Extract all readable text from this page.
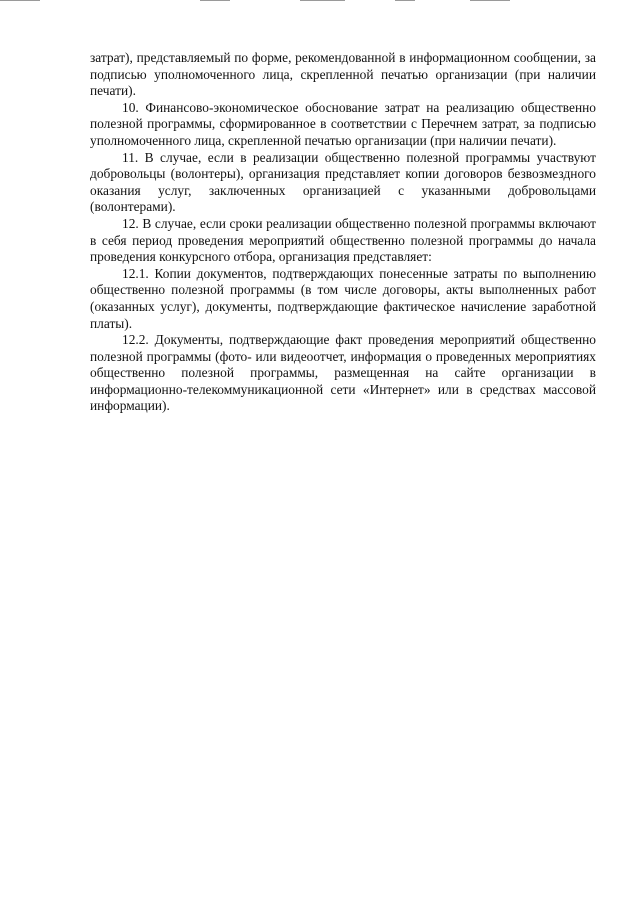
затрат), представляемый по форме, рекомендованной в информационном сообщении, за подписью уполномоченного лица, скрепленной печатью организации (при наличии печати).

10. Финансово-экономическое обоснование затрат на реализацию общественно полезной программы, сформированное в соответствии с Перечнем затрат, за подписью уполномоченного лица, скрепленной печатью организации (при наличии печати).

11. В случае, если в реализации общественно полезной программы участвуют добровольцы (волонтеры), организация представляет копии договоров безвозмездного оказания услуг, заключенных организацией с указанными добровольцами (волонтерами).

12. В случае, если сроки реализации общественно полезной программы включают в себя период проведения мероприятий общественно полезной программы до начала проведения конкурсного отбора, организация представляет:

12.1. Копии документов, подтверждающих понесенные затраты по выполнению общественно полезной программы (в том числе договоры, акты выполненных работ (оказанных услуг), документы, подтверждающие фактическое начисление заработной платы).

12.2. Документы, подтверждающие факт проведения мероприятий общественно полезной программы (фото- или видеоотчет, информация о проведенных мероприятиях общественно полезной программы, размещенная на сайте организации в информационно-телекоммуникационной сети «Интернет» или в средствах массовой информации).
